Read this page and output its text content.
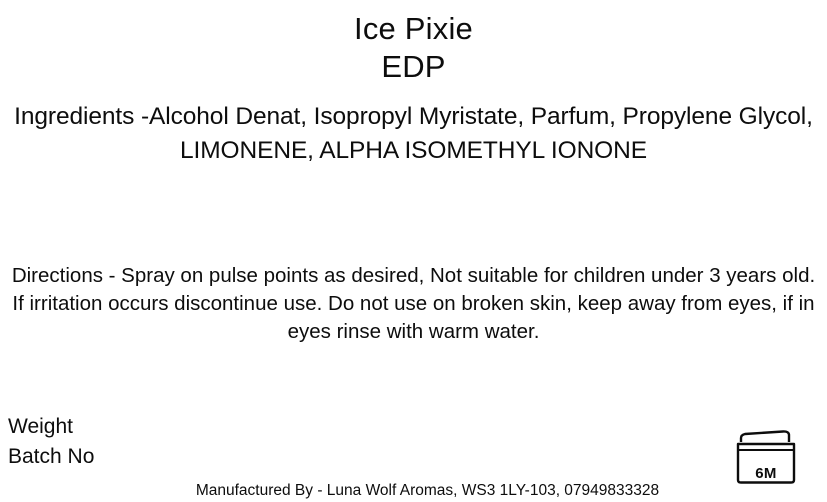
Ice Pixie
EDP

Ingredients -Alcohol Denat, Isopropyl Myristate, Parfum, Propylene Glycol, LIMONENE, ALPHA ISOMETHYL IONONE

Directions - Spray on pulse points as desired, Not suitable for children under 3 years old. If irritation occurs discontinue use. Do not use on broken skin, keep away from eyes, if in eyes rinse with warm water.

Weight
Batch No

Manufactured By - Luna Wolf Aromas, WS3 1LY-103, 07949833328

6M
